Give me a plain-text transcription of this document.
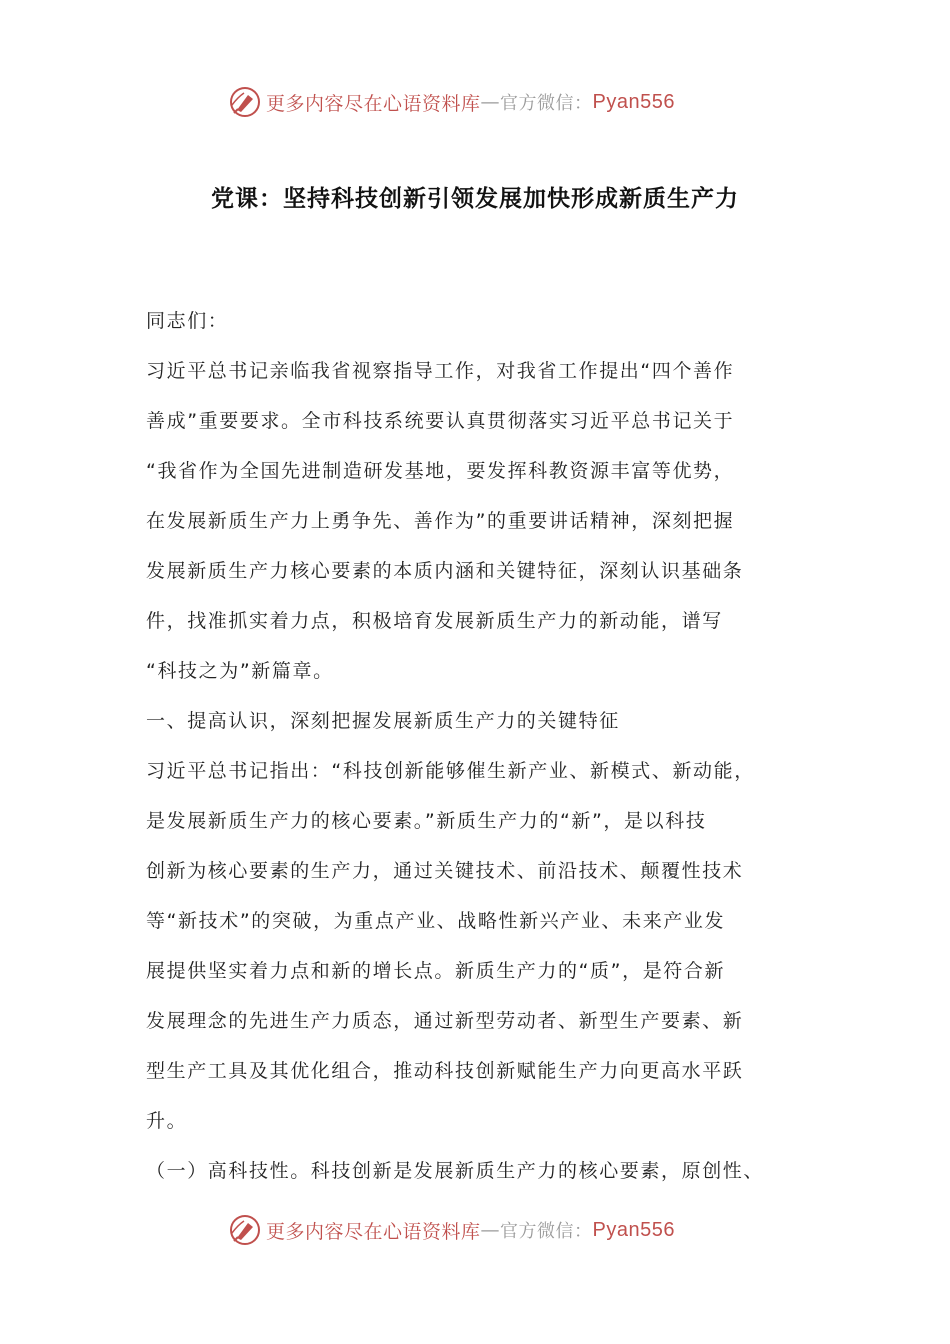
更多内容尽在心语资料库 — 官方微信： Pyan556
党课：坚持科技创新引领发展加快形成新质生产力
同志们：
习近平总书记亲临我省视察指导工作，对我省工作提出“四个善作
善成”重要要求。全市科技系统要认真贯彻落实习近平总书记关于
“我省作为全国先进制造研发基地，要发挥科教资源丰富等优势，
在发展新质生产力上勇争先、善作为”的重要讲话精神，深刻把握
发展新质生产力核心要素的本质内涵和关键特征，深刻认识基础条
件，找准抓实着力点，积极培育发展新质生产力的新动能，谱写
“科技之为”新篇章。
一、提高认识，深刻把握发展新质生产力的关键特征
习近平总书记指出：“科技创新能够催生新产业、新模式、新动能，
是发展新质生产力的核心要素。”新质生产力的“新”，是以科技
创新为核心要素的生产力，通过关键技术、前沿技术、颠覆性技术
等“新技术”的突破，为重点产业、战略性新兴产业、未来产业发
展提供坚实着力点和新的增长点。新质生产力的“质”，是符合新
发展理念的先进生产力质态，通过新型劳动者、新型生产要素、新
型生产工具及其优化组合，推动科技创新赋能生产力向更高水平跃
升。
（一）高科技性。科技创新是发展新质生产力的核心要素，原创性、
更多内容尽在心语资料库 — 官方微信： Pyan556
